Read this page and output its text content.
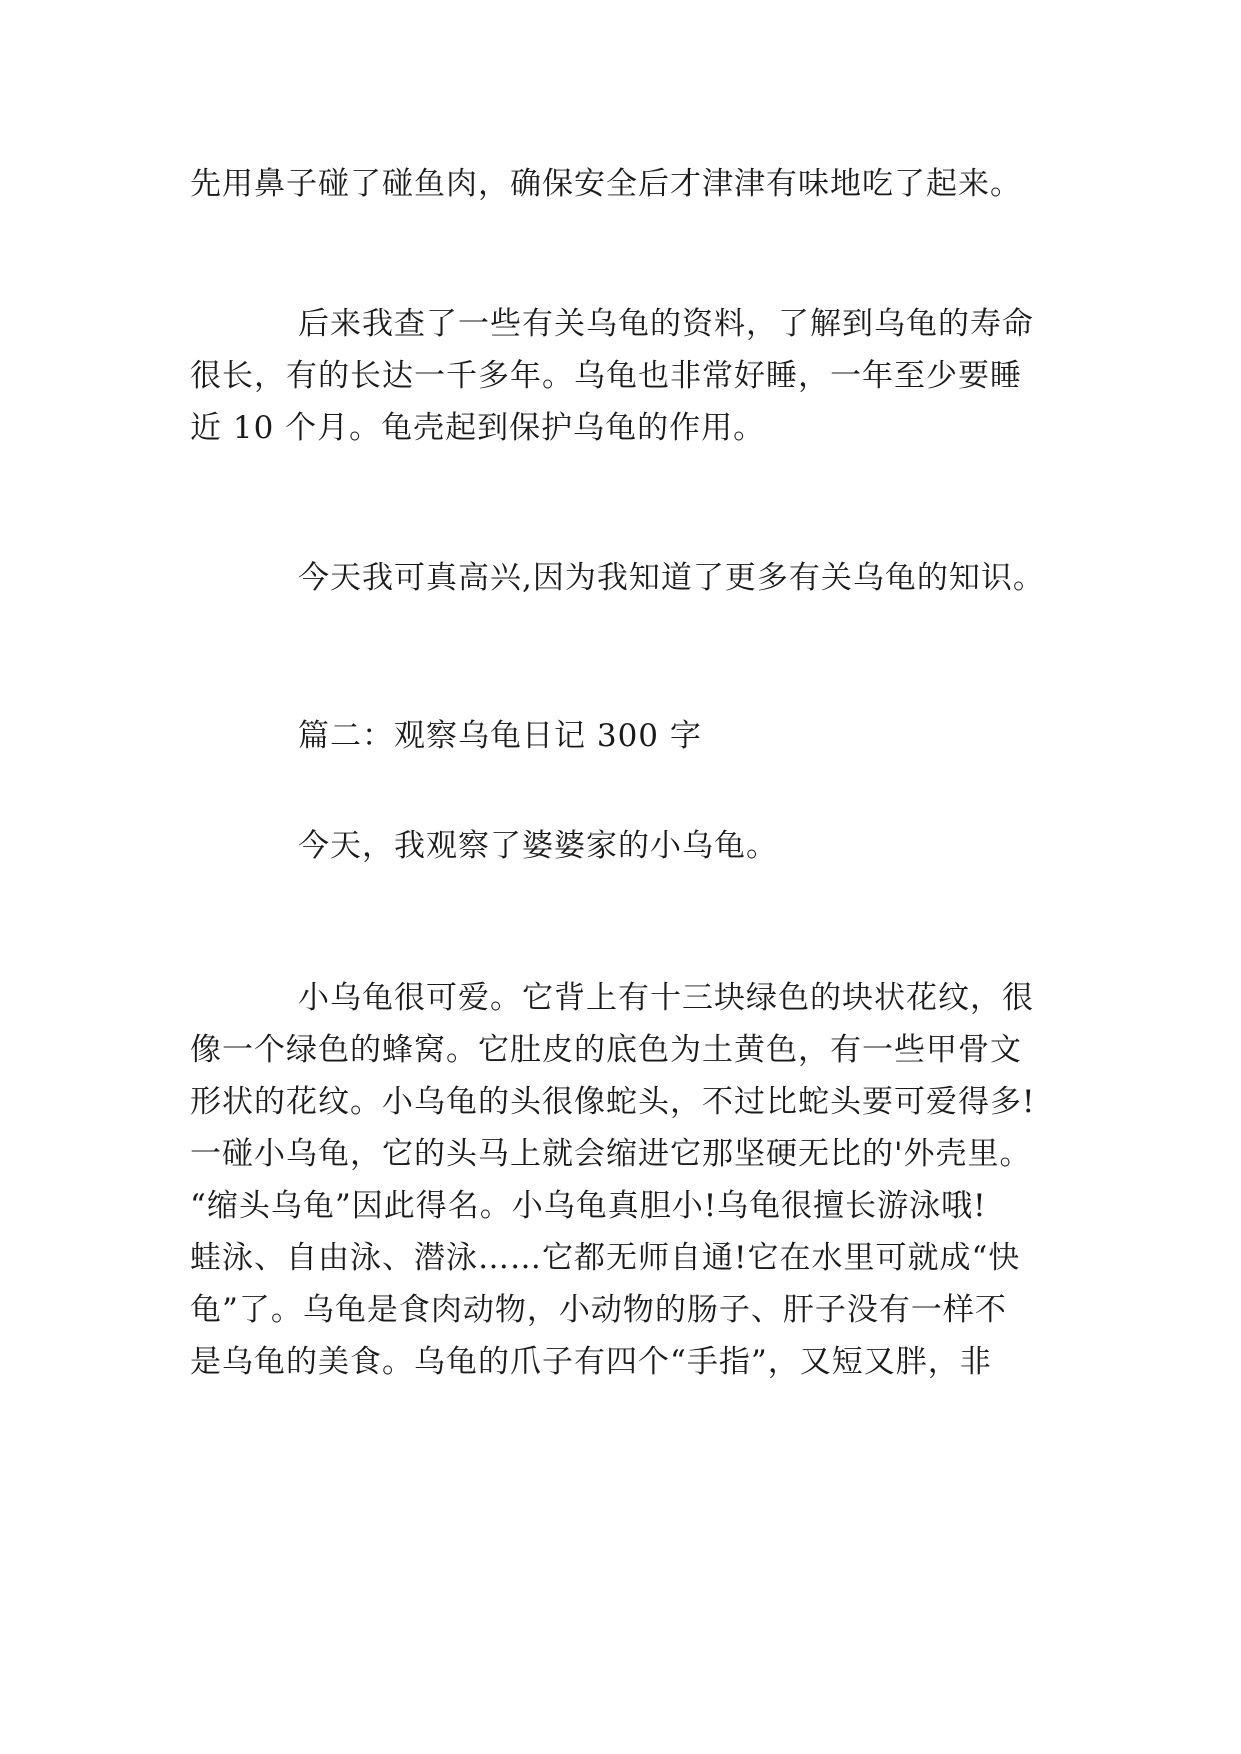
先用鼻子碰了碰鱼肉，确保安全后才津津有味地吃了起来。
后来我查了一些有关乌龟的资料，了解到乌龟的寿命
很长，有的长达一千多年。乌龟也非常好睡，一年至少要睡
近 10 个月。龟壳起到保护乌龟的作用。
今天我可真高兴,因为我知道了更多有关乌龟的知识。
篇二：观察乌龟日记 300 字
今天，我观察了婆婆家的小乌龟。
小乌龟很可爱。它背上有十三块绿色的块状花纹，很
像一个绿色的蜂窝。它肚皮的底色为土黄色，有一些甲骨文
形状的花纹。小乌龟的头很像蛇头，不过比蛇头要可爱得多!
一碰小乌龟，它的头马上就会缩进它那坚硬无比的'外壳里。
“缩头乌龟”因此得名。小乌龟真胆小!乌龟很擅长游泳哦!
蛙泳、自由泳、潜泳……它都无师自通!它在水里可就成“快
龟”了。乌龟是食肉动物，小动物的肠子、肝子没有一样不
是乌龟的美食。乌龟的爪子有四个“手指”，又短又胖，非
